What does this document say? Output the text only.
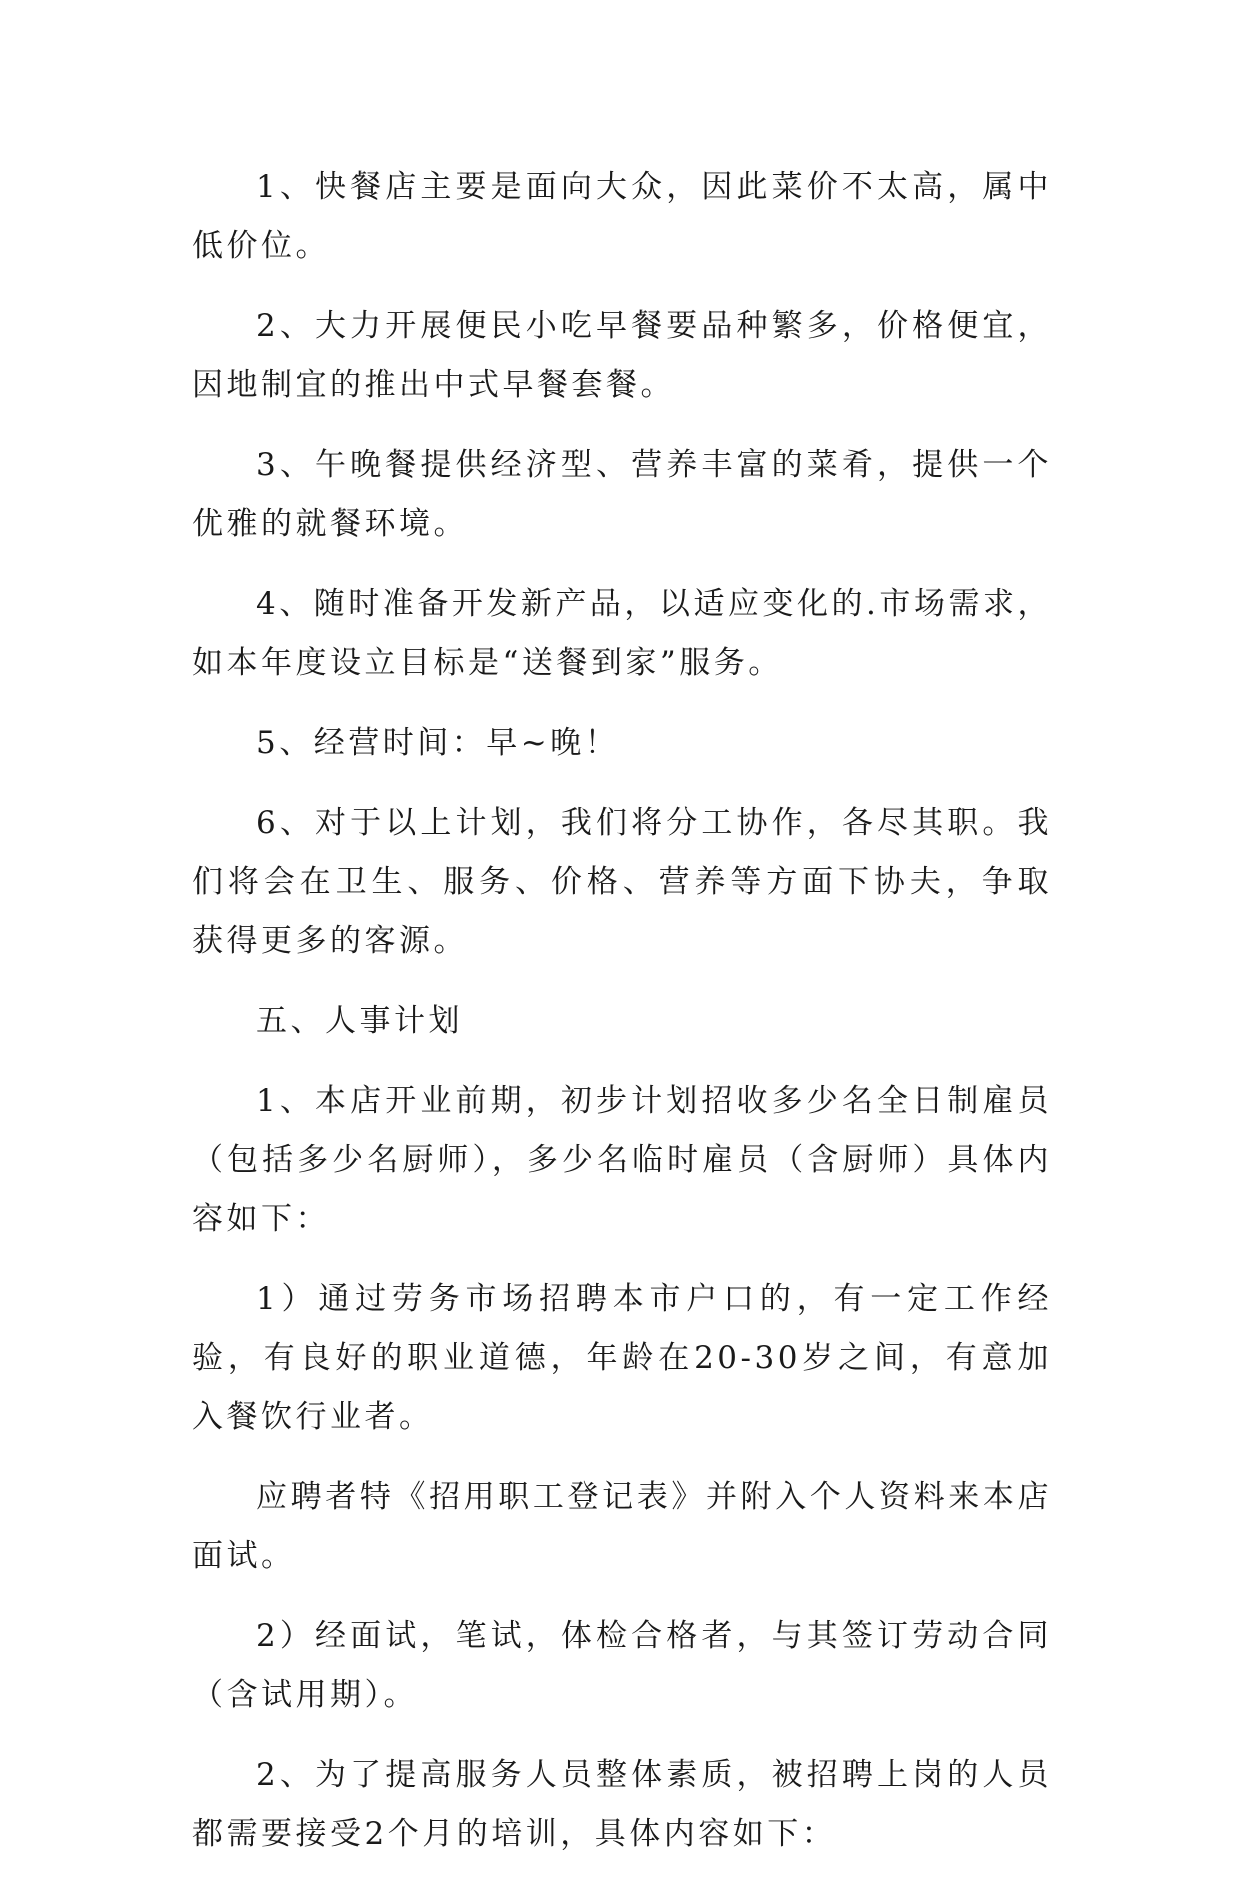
1、快餐店主要是面向大众，因此菜价不太高，属中低价位。

2、大力开展便民小吃早餐要品种繁多，价格便宜，因地制宜的推出中式早餐套餐。

3、午晚餐提供经济型、营养丰富的菜肴，提供一个优雅的就餐环境。

4、随时准备开发新产品，以适应变化的.市场需求，如本年度设立目标是“送餐到家”服务。

5、经营时间：早~晚！

6、对于以上计划，我们将分工协作，各尽其职。我们将会在卫生、服务、价格、营养等方面下协夫，争取获得更多的客源。

五、人事计划

1、本店开业前期，初步计划招收多少名全日制雇员（包括多少名厨师），多少名临时雇员（含厨师）具体内容如下：

1）通过劳务市场招聘本市户口的，有一定工作经验，有良好的职业道德，年龄在20-30岁之间，有意加入餐饮行业者。

应聘者特《招用职工登记表》并附入个人资料来本店面试。

2）经面试，笔试，体检合格者，与其签订劳动合同（含试用期）。

2、为了提高服务人员整体素质，被招聘上岗的人员都需要接受2个月的培训，具体内容如下：
